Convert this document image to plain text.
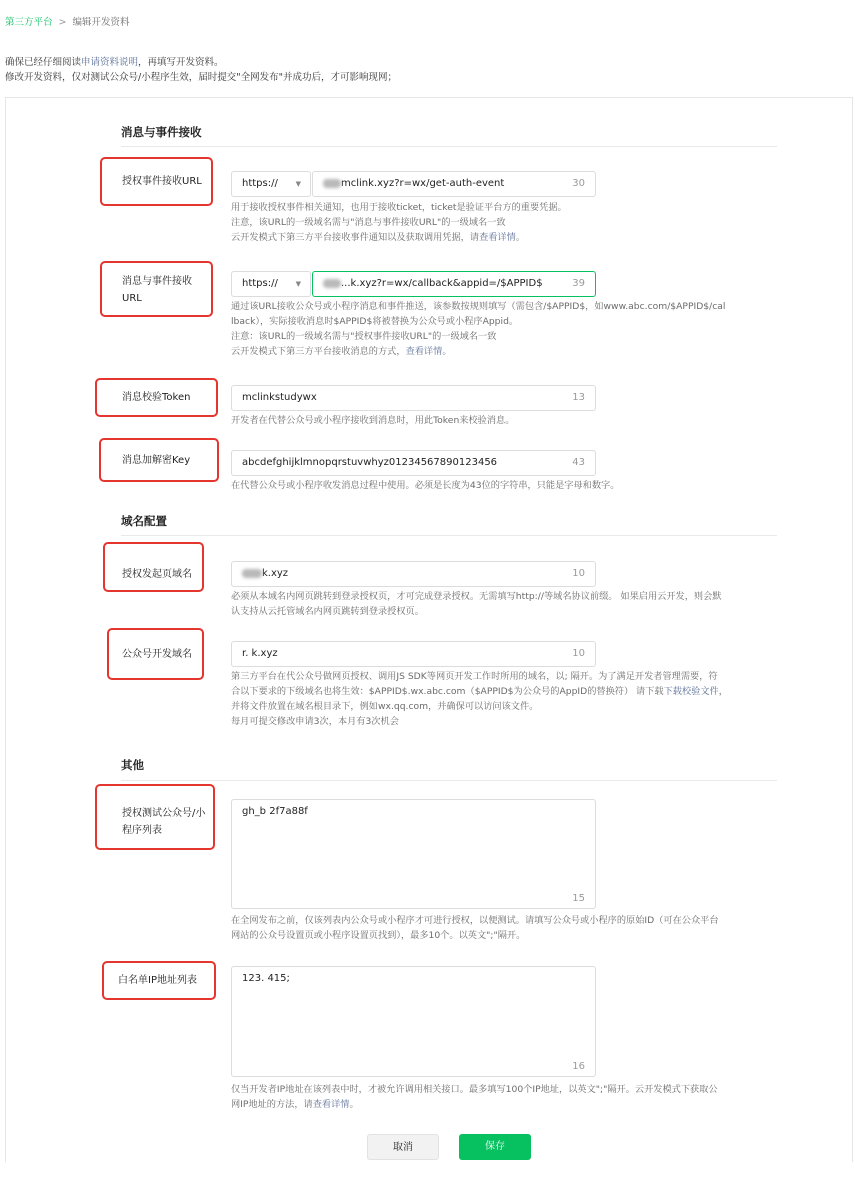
第三方平台 > 编辑开发资料
确保已经仔细阅读申请资料说明，再填写开发资料。
修改开发资料，仅对测试公众号/小程序生效，届时提交"全网发布"并成功后，才可影响现网；
消息与事件接收
授权事件接收URL	https://	▼	mclink.xyz?r=wx/get-auth-event	30
用于接收授权事件相关通知，也用于接收ticket，ticket是验证平台方的重要凭据。
注意，该URL的一级域名需与"消息与事件接收URL"的一级域名一致
云开发模式下第三方平台接收事件通知以及获取调用凭据，请查看详情。
消息与事件接收URL
https://	▼	...k.xyz?r=wx/callback&appid=/$APPID$	39
通过该URL接收公众号或小程序消息和事件推送，该参数按规则填写（需包含/$APPID$，如www.abc.com/$APPID$/cal
lback），实际接收消息时$APPID$将被替换为公众号或小程序Appid。
注意：该URL的一级域名需与"授权事件接收URL"的一级域名一致
云开发模式下第三方平台接收消息的方式，查看详情。
消息校验Token	mclinkstudywx	13
开发者在代替公众号或小程序接收到消息时，用此Token来校验消息。
消息加解密Key	abcdefghijklmnopqrstuvwhyz01234567890123456	43
在代替公众号或小程序收发消息过程中使用。必须是长度为43位的字符串，只能是字母和数字。
域名配置
授权发起页域名	k.xyz	10
必须从本域名内网页跳转到登录授权页，才可完成登录授权。无需填写http://等域名协议前缀。 如果启用云开发，则会默
认支持从云托管域名内网页跳转到登录授权页。
公众号开发域名	r. k.xyz	10
第三方平台在代公众号做网页授权、调用JS SDK等网页开发工作时所用的域名，以; 隔开。为了满足开发者管理需要，符
合以下要求的下级域名也将生效：$APPID$.wx.abc.com（$APPID$为公众号的AppID的替换符） 请下载下载校验文件，
并将文件放置在域名根目录下，例如wx.qq.com，并确保可以访问该文件。
每月可提交修改申请3次，本月有3次机会
其他
授权测试公众号/小程序列表
gh_b 2f7a88f
15
在全网发布之前，仅该列表内公众号或小程序才可进行授权，以便测试。请填写公众号或小程序的原始ID（可在公众平台
网站的公众号设置页或小程序设置页找到），最多10个。以英文";"隔开。
白名单IP地址列表	123. 415;
16
仅当开发者IP地址在该列表中时，才被允许调用相关接口。最多填写100个IP地址，以英文";"隔开。云开发模式下获取公
网IP地址的方法，请查看详情。
取消	保存
